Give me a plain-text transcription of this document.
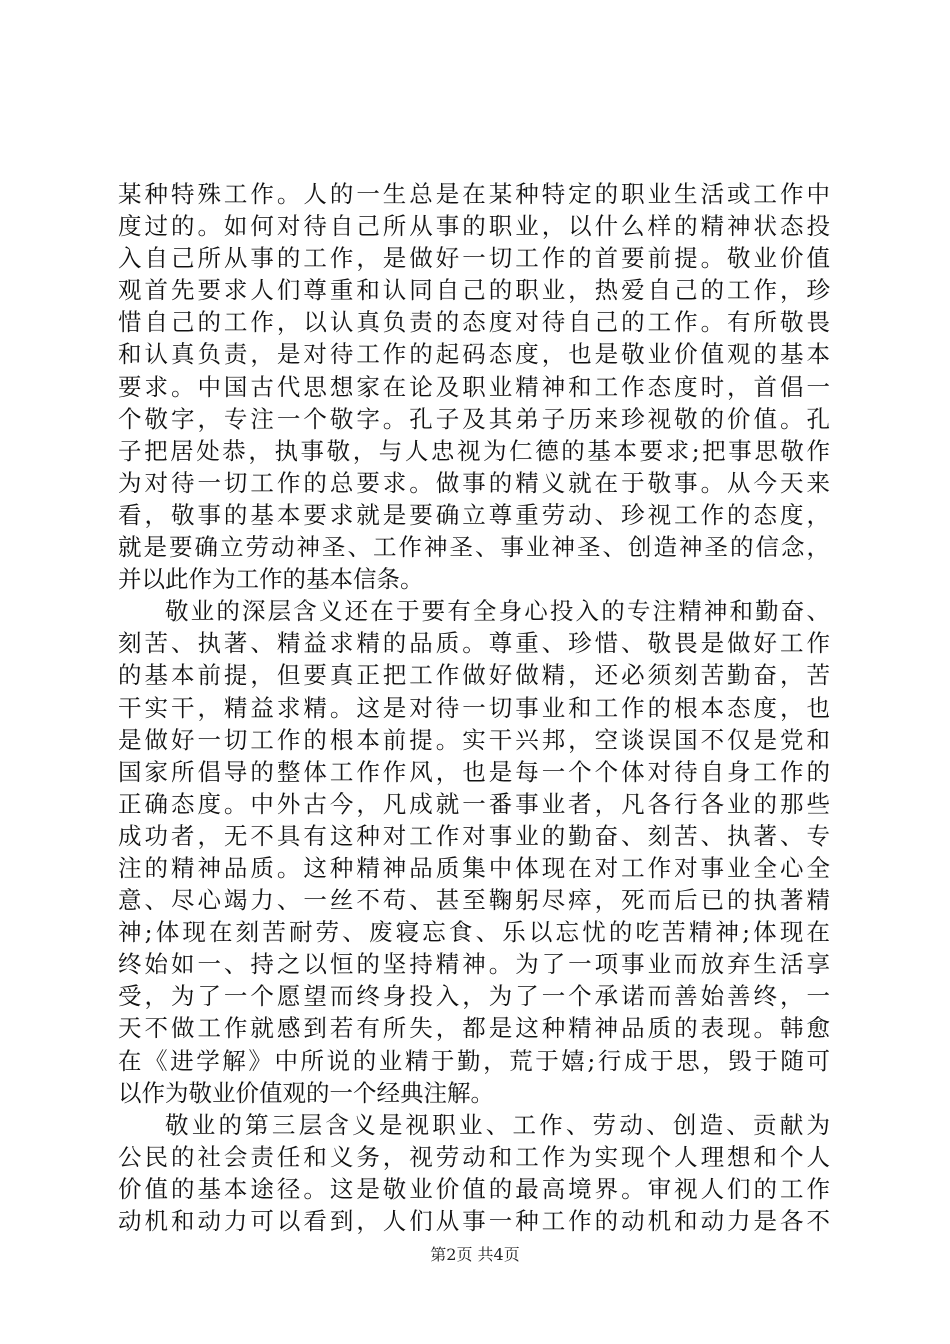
某种特殊工作。人的一生总是在某种特定的职业生活或工作中
度过的。如何对待自己所从事的职业，以什么样的精神状态投
入自己所从事的工作，是做好一切工作的首要前提。敬业价值
观首先要求人们尊重和认同自己的职业，热爱自己的工作，珍
惜自己的工作，以认真负责的态度对待自己的工作。有所敬畏
和认真负责，是对待工作的起码态度，也是敬业价值观的基本
要求。中国古代思想家在论及职业精神和工作态度时，首倡一
个敬字，专注一个敬字。孔子及其弟子历来珍视敬的价值。孔
子把居处恭，执事敬，与人忠视为仁德的基本要求;把事思敬作
为对待一切工作的总要求。做事的精义就在于敬事。从今天来
看，敬事的基本要求就是要确立尊重劳动、珍视工作的态度，
就是要确立劳动神圣、工作神圣、事业神圣、创造神圣的信念，
并以此作为工作的基本信条。
敬业的深层含义还在于要有全身心投入的专注精神和勤奋、
刻苦、执著、精益求精的品质。尊重、珍惜、敬畏是做好工作
的基本前提，但要真正把工作做好做精，还必须刻苦勤奋，苦
干实干，精益求精。这是对待一切事业和工作的根本态度，也
是做好一切工作的根本前提。实干兴邦，空谈误国不仅是党和
国家所倡导的整体工作作风，也是每一个个体对待自身工作的
正确态度。中外古今，凡成就一番事业者，凡各行各业的那些
成功者，无不具有这种对工作对事业的勤奋、刻苦、执著、专
注的精神品质。这种精神品质集中体现在对工作对事业全心全
意、尽心竭力、一丝不苟、甚至鞠躬尽瘁，死而后已的执著精
神;体现在刻苦耐劳、废寝忘食、乐以忘忧的吃苦精神;体现在
终始如一、持之以恒的坚持精神。为了一项事业而放弃生活享
受，为了一个愿望而终身投入，为了一个承诺而善始善终，一
天不做工作就感到若有所失，都是这种精神品质的表现。韩愈
在《进学解》中所说的业精于勤，荒于嬉;行成于思，毁于随可
以作为敬业价值观的一个经典注解。
敬业的第三层含义是视职业、工作、劳动、创造、贡献为
公民的社会责任和义务，视劳动和工作为实现个人理想和个人
价值的基本途径。这是敬业价值的最高境界。审视人们的工作
动机和动力可以看到，人们从事一种工作的动机和动力是各不
第2页 共4页
